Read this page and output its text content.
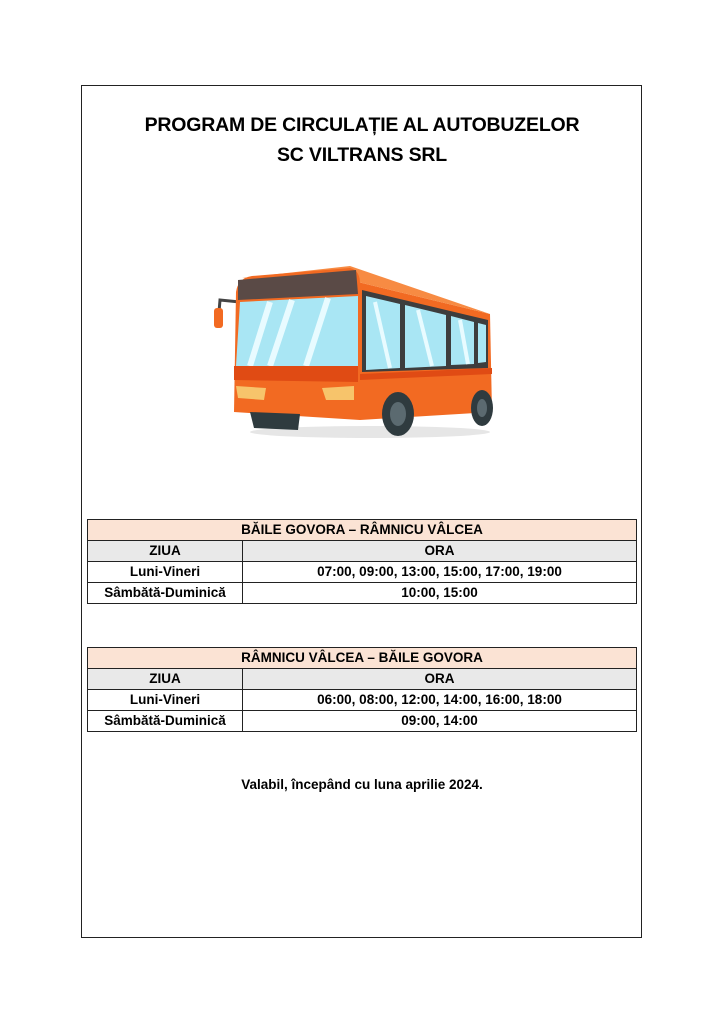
PROGRAM DE CIRCULAȚIE AL AUTOBUZELOR
SC VILTRANS SRL
BĂILE GOVORA – RÂMNICU VÂLCEA	
ZIUA	ORA
Luni-Vineri	07:00, 09:00, 13:00, 15:00, 17:00, 19:00
Sâmbătă-Duminică	10:00, 15:00
RÂMNICU VÂLCEA – BĂILE GOVORA	
ZIUA	ORA
Luni-Vineri	06:00, 08:00, 12:00, 14:00, 16:00, 18:00
Sâmbătă-Duminică	09:00, 14:00
Valabil, începând cu luna aprilie 2024.
